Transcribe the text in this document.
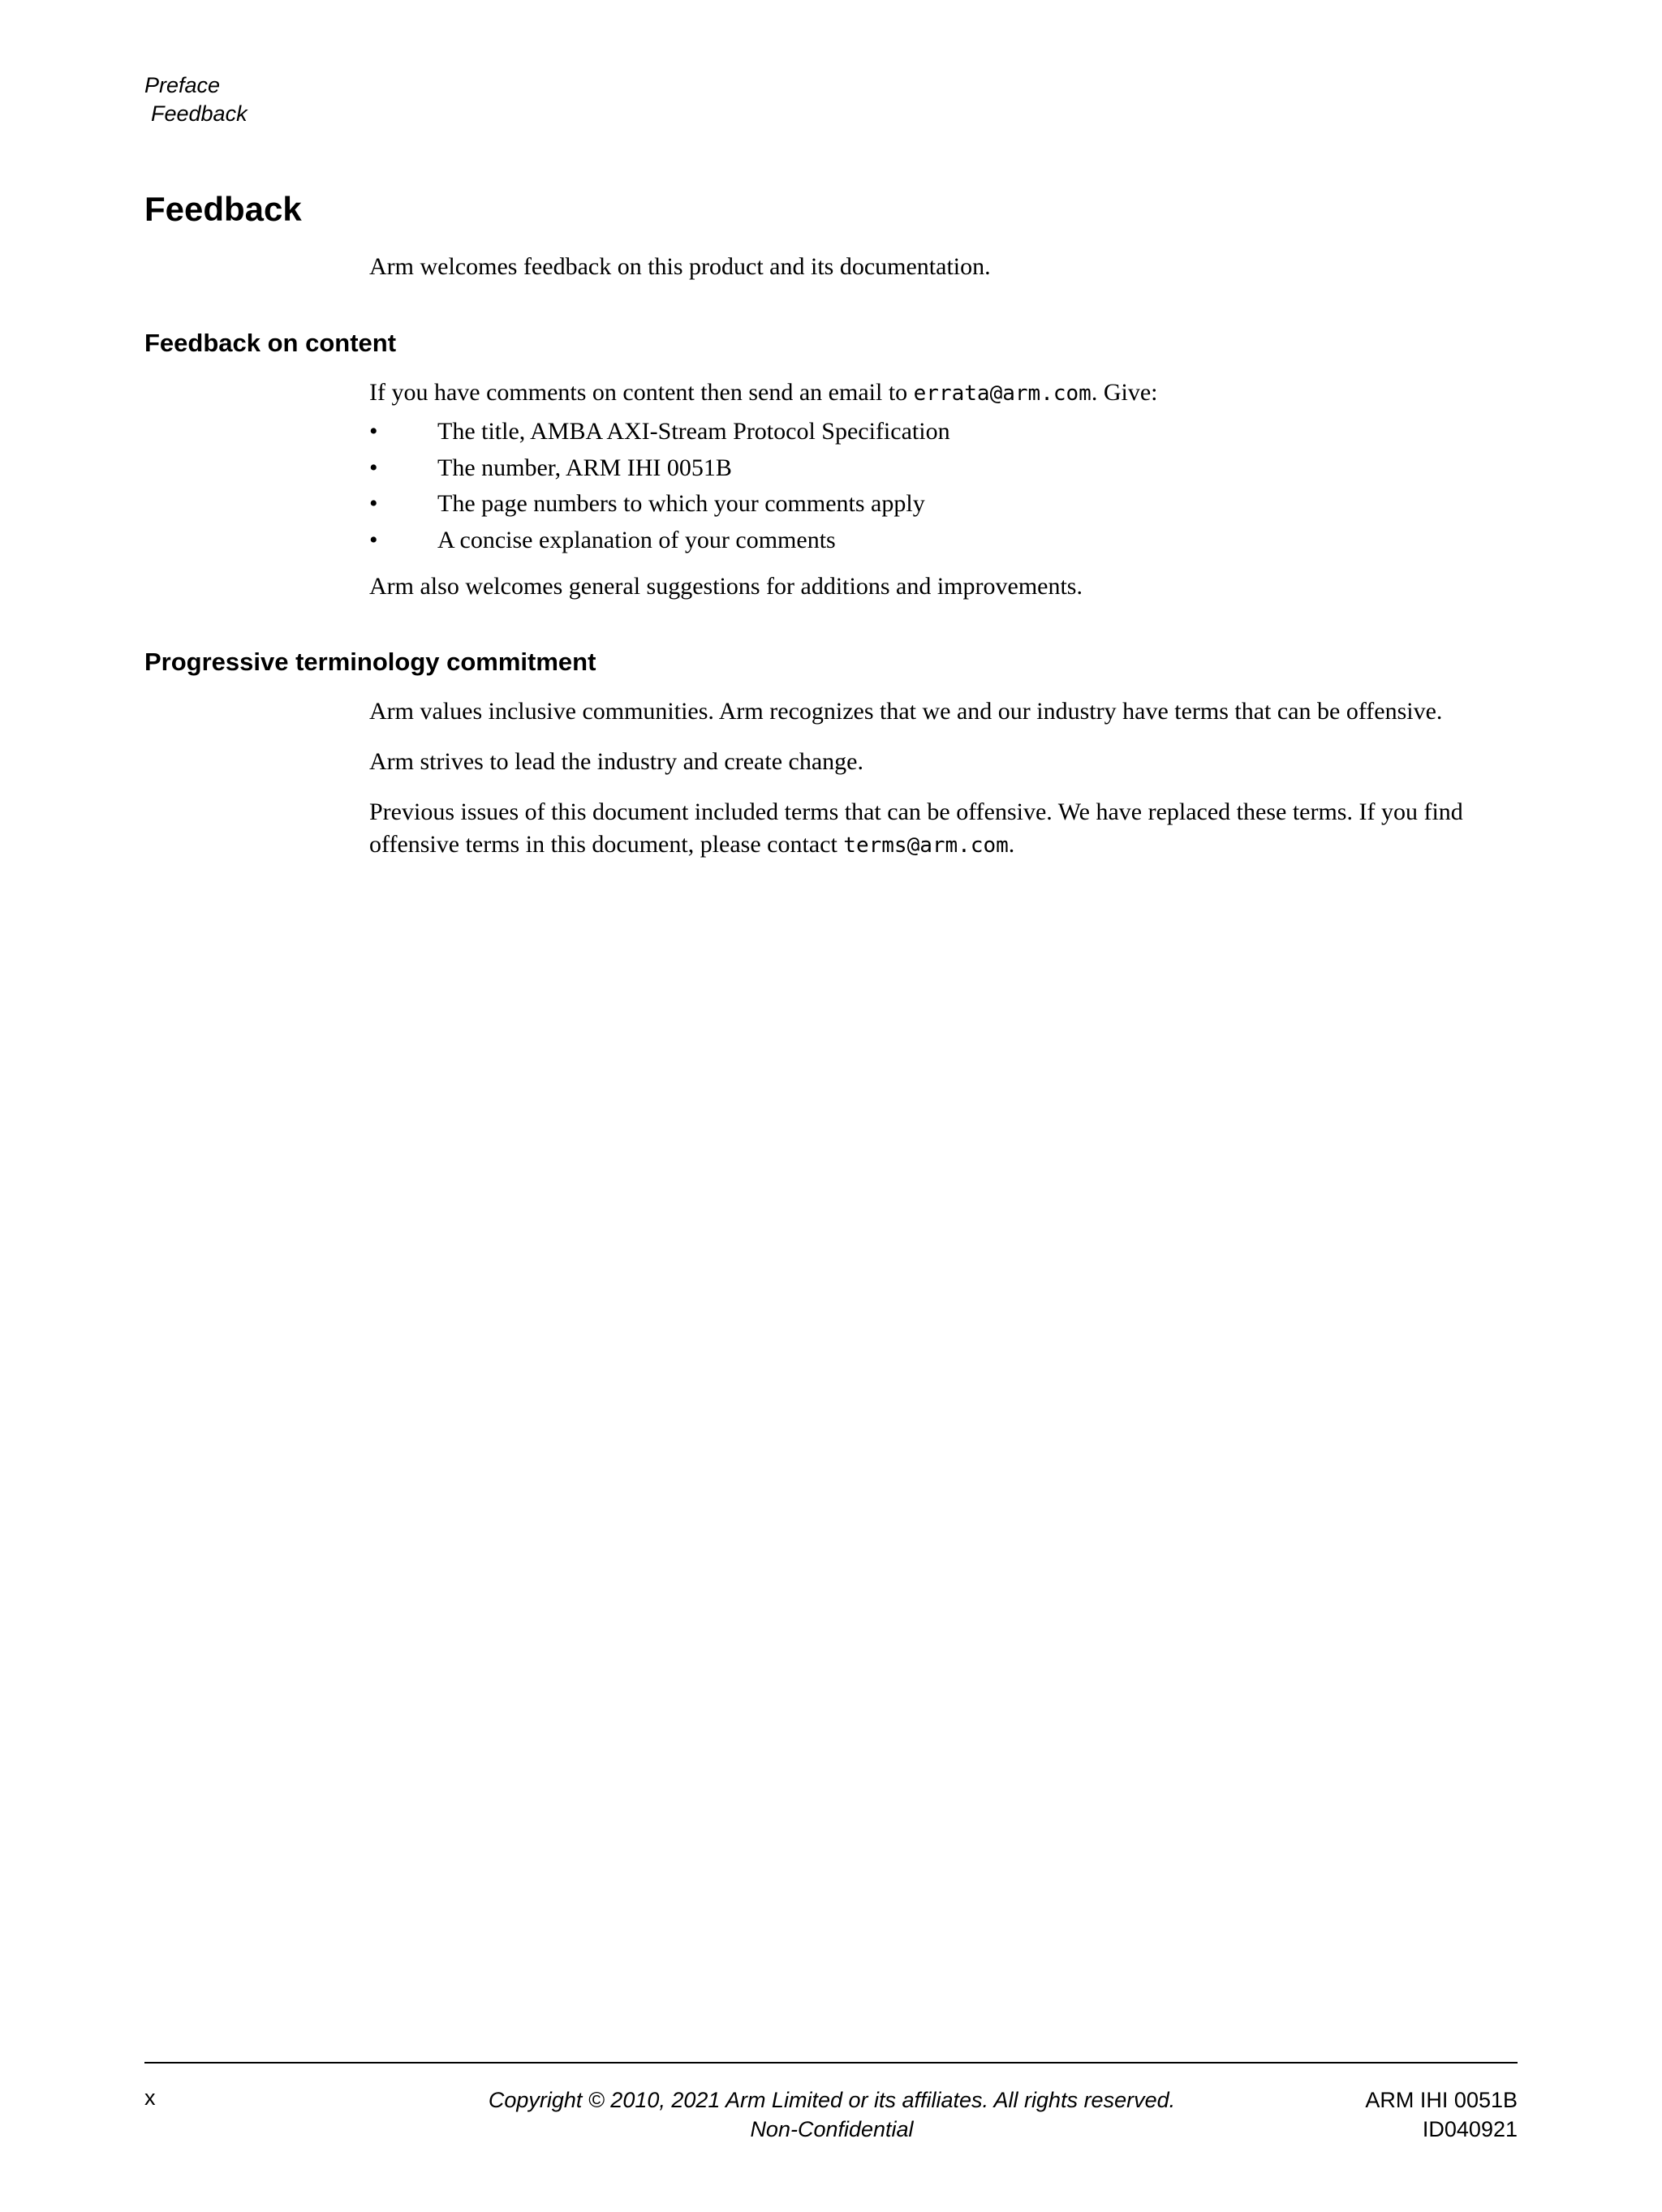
Preface
Feedback
Feedback

Arm welcomes feedback on this product and its documentation.

Feedback on content

If you have comments on content then send an email to errata@arm.com. Give:

• The title, AMBA AXI-Stream Protocol Specification
• The number, ARM IHI 0051B
• The page numbers to which your comments apply
• A concise explanation of your comments

Arm also welcomes general suggestions for additions and improvements.

Progressive terminology commitment

Arm values inclusive communities. Arm recognizes that we and our industry have terms that can be offensive.

Arm strives to lead the industry and create change.

Previous issues of this document included terms that can be offensive. We have replaced these terms. If you find offensive terms in this document, please contact terms@arm.com.

x	Copyright © 2010, 2021 Arm Limited or its affiliates. All rights reserved.
Non-Confidential
ARM IHI 0051B
ID040921
